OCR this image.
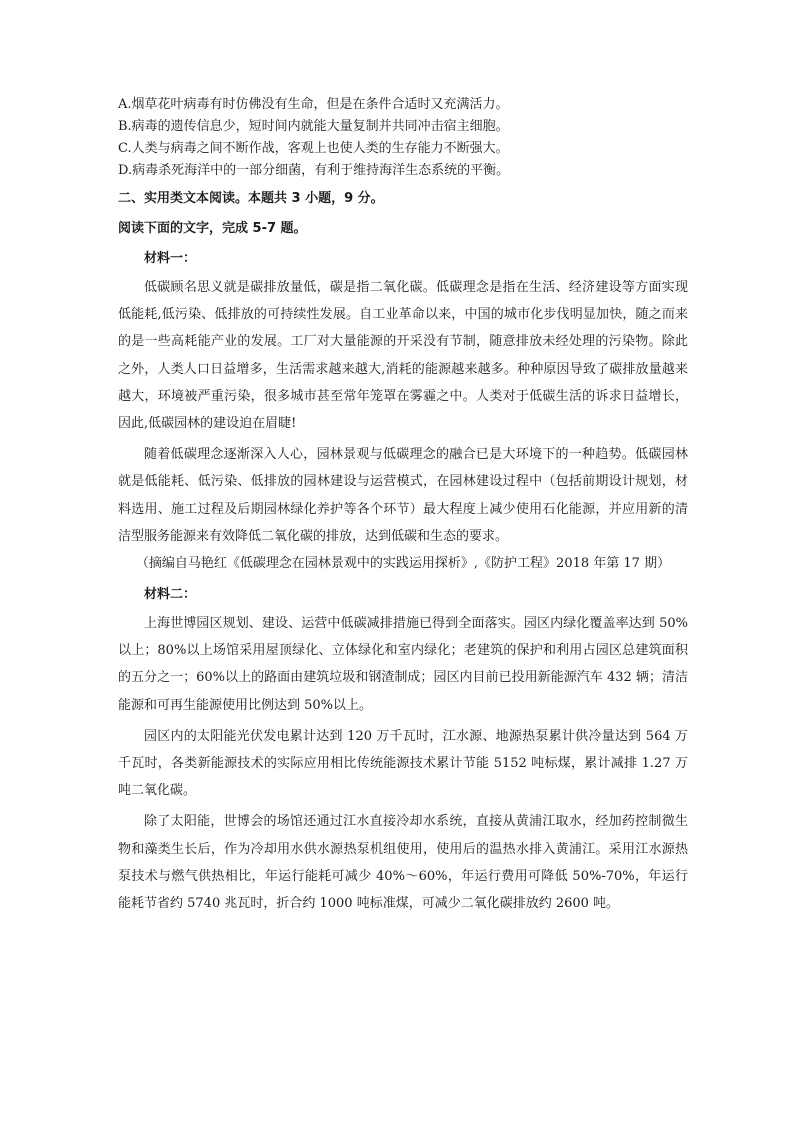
A.烟草花叶病毒有时仿佛没有生命，但是在条件合适时又充满活力。

B.病毒的遗传信息少，短时间内就能大量复制并共同冲击宿主细胞。

C.人类与病毒之间不断作战，客观上也使人类的生存能力不断强大。

D.病毒杀死海洋中的一部分细菌，有利于维持海洋生态系统的平衡。

二、实用类文本阅读。本题共 3 小题，9 分。

阅读下面的文字，完成 5-7 题。

材料一：

低碳顾名思义就是碳排放量低，碳是指二氧化碳。低碳理念是指在生活、经济建设等方面实现低能耗,低污染、低排放的可持续性发展。自工业革命以来，中国的城市化步伐明显加快，随之而来的是一些高耗能产业的发展。工厂对大量能源的开采没有节制，随意排放未经处理的污染物。除此之外，人类人口日益增多，生活需求越来越大,消耗的能源越来越多。种种原因导致了碳排放量越来越大，环境被严重污染，很多城市甚至常年笼罩在雾霾之中。人类对于低碳生活的诉求日益增长，因此,低碳园林的建设迫在眉睫!

随着低碳理念逐渐深入人心，园林景观与低碳理念的融合已是大环境下的一种趋势。低碳园林就是低能耗、低污染、低排放的园林建设与运营模式，在园林建设过程中（包括前期设计规划，材料选用、施工过程及后期园林绿化养护等各个环节）最大程度上减少使用石化能源，并应用新的清洁型服务能源来有效降低二氧化碳的排放，达到低碳和生态的要求。

（摘编自马艳红《低碳理念在园林景观中的实践运用探析》,《防护工程》2018 年第 17 期）

材料二：

上海世博园区规划、建设、运营中低碳减排措施已得到全面落实。园区内绿化覆盖率达到 50%以上；80%以上场馆采用屋顶绿化、立体绿化和室内绿化；老建筑的保护和利用占园区总建筑面积的五分之一；60%以上的路面由建筑垃圾和钢渣制成；园区内目前已投用新能源汽车 432 辆；清洁能源和可再生能源使用比例达到 50%以上。

园区内的太阳能光伏发电累计达到 120 万千瓦时，江水源、地源热泵累计供冷量达到 564 万千瓦时，各类新能源技术的实际应用相比传统能源技术累计节能 5152 吨标煤，累计减排 1.27 万吨二氧化碳。

除了太阳能，世博会的场馆还通过江水直接冷却水系统，直接从黄浦江取水，经加药控制微生物和藻类生长后，作为冷却用水供水源热泵机组使用，使用后的温热水排入黄浦江。采用江水源热泵技术与燃气供热相比，年运行能耗可减少 40%～60%，年运行费用可降低 50%-70%，年运行能耗节省约 5740 兆瓦时，折合约 1000 吨标准煤，可减少二氧化碳排放约 2600 吨。
